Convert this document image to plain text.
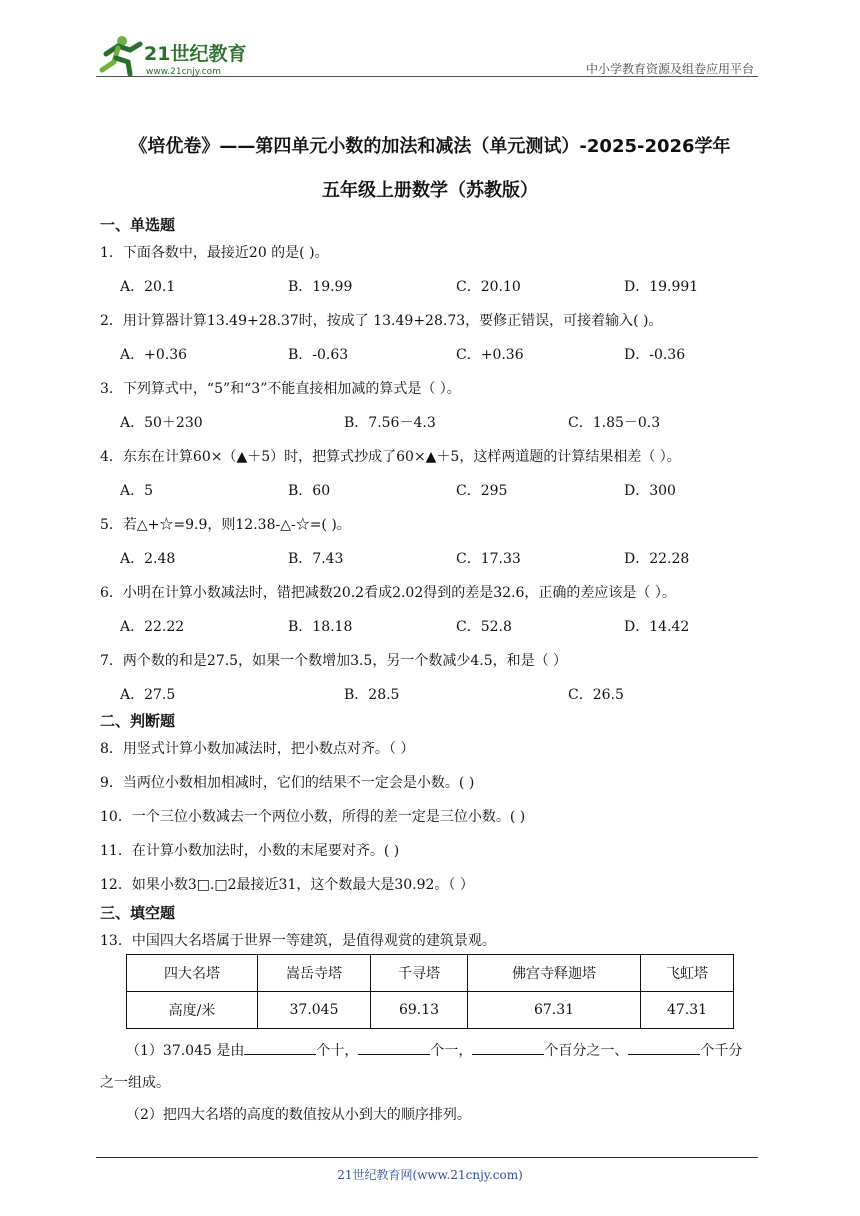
21世纪教育
www.21cnjy.com	中小学教育资源及组卷应用平台
《培优卷》——第四单元小数的加法和减法（单元测试）-2025-2026学年
五年级上册数学（苏教版）
一、单选题
1．下面各数中，最接近20 的是( )。
A．20.1	B．19.99	C．20.10	D．19.991
2．用计算器计算13.49+28.37时，按成了 13.49+28.73，要修正错误，可接着输入( )。
A．+0.36	B．-0.63	C．+0.36	D．-0.36
3．下列算式中，“5”和“3”不能直接相加减的算式是（ ）。
A．50＋230	B．7.56－4.3	C．1.85－0.3
4．东东在计算60×（▲＋5）时，把算式抄成了60×▲＋5，这样两道题的计算结果相差（ ）。
A．5	B．60	C．295	D．300
5．若△+☆=9.9，则12.38-△-☆=( )。
A．2.48	B．7.43	C．17.33	D．22.28
6．小明在计算小数减法时，错把减数20.2看成2.02得到的差是32.6，正确的差应该是（ ）。
A．22.22	B．18.18	C．52.8	D．14.42
7．两个数的和是27.5，如果一个数增加3.5，另一个数减少4.5，和是（ ）
A．27.5	B．28.5	C．26.5
二、判断题
8．用竖式计算小数加减法时，把小数点对齐。（ ）
9．当两位小数相加相减时，它们的结果不一定会是小数。( )
10．一个三位小数减去一个两位小数，所得的差一定是三位小数。( )
11．在计算小数加法时，小数的末尾要对齐。( )
12．如果小数3□.□2最接近31，这个数最大是30.92。（ ）
三、填空题
13．中国四大名塔属于世界一等建筑，是值得观赏的建筑景观。
四大名塔	嵩岳寺塔	千寻塔	佛宫寺释迦塔	飞虹塔
高度/米	37.045	69.13	67.31	47.31
（1）37.045 是由	个十，	个一，	个百分之一、	个千分
之一组成。
（2）把四大名塔的高度的数值按从小到大的顺序排列。
21世纪教育网(www.21cnjy.com)
